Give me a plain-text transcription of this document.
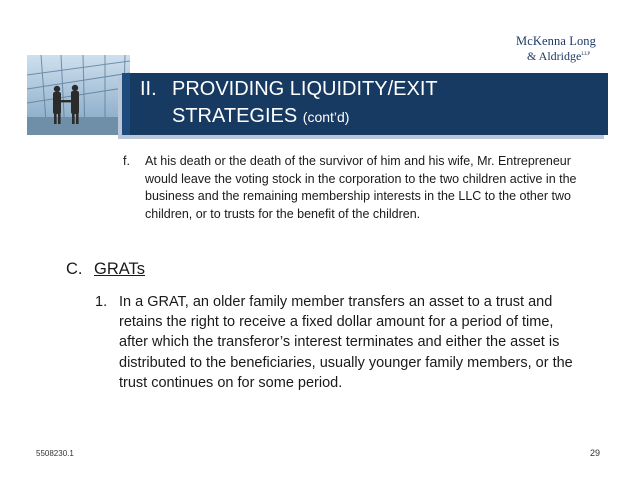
McKenna Long
& Aldridge$^{LLP}$
II. PROVIDING LIQUIDITY/EXIT
STRATEGIES (cont’d)
f. At his death or the death of the survivor of him and his wife, Mr. Entrepreneur would leave the voting stock in the corporation to the two children active in the business and the remaining membership interests in the LLC to the other two children, or to trusts for the benefit of the children.
C. GRATs
1. In a GRAT, an older family member transfers an asset to a trust and retains the right to receive a fixed dollar amount for a period of time, after which the transferor’s interest terminates and either the asset is distributed to the beneficiaries, usually younger family members, or the trust continues on for some period.
5508230.1	29
